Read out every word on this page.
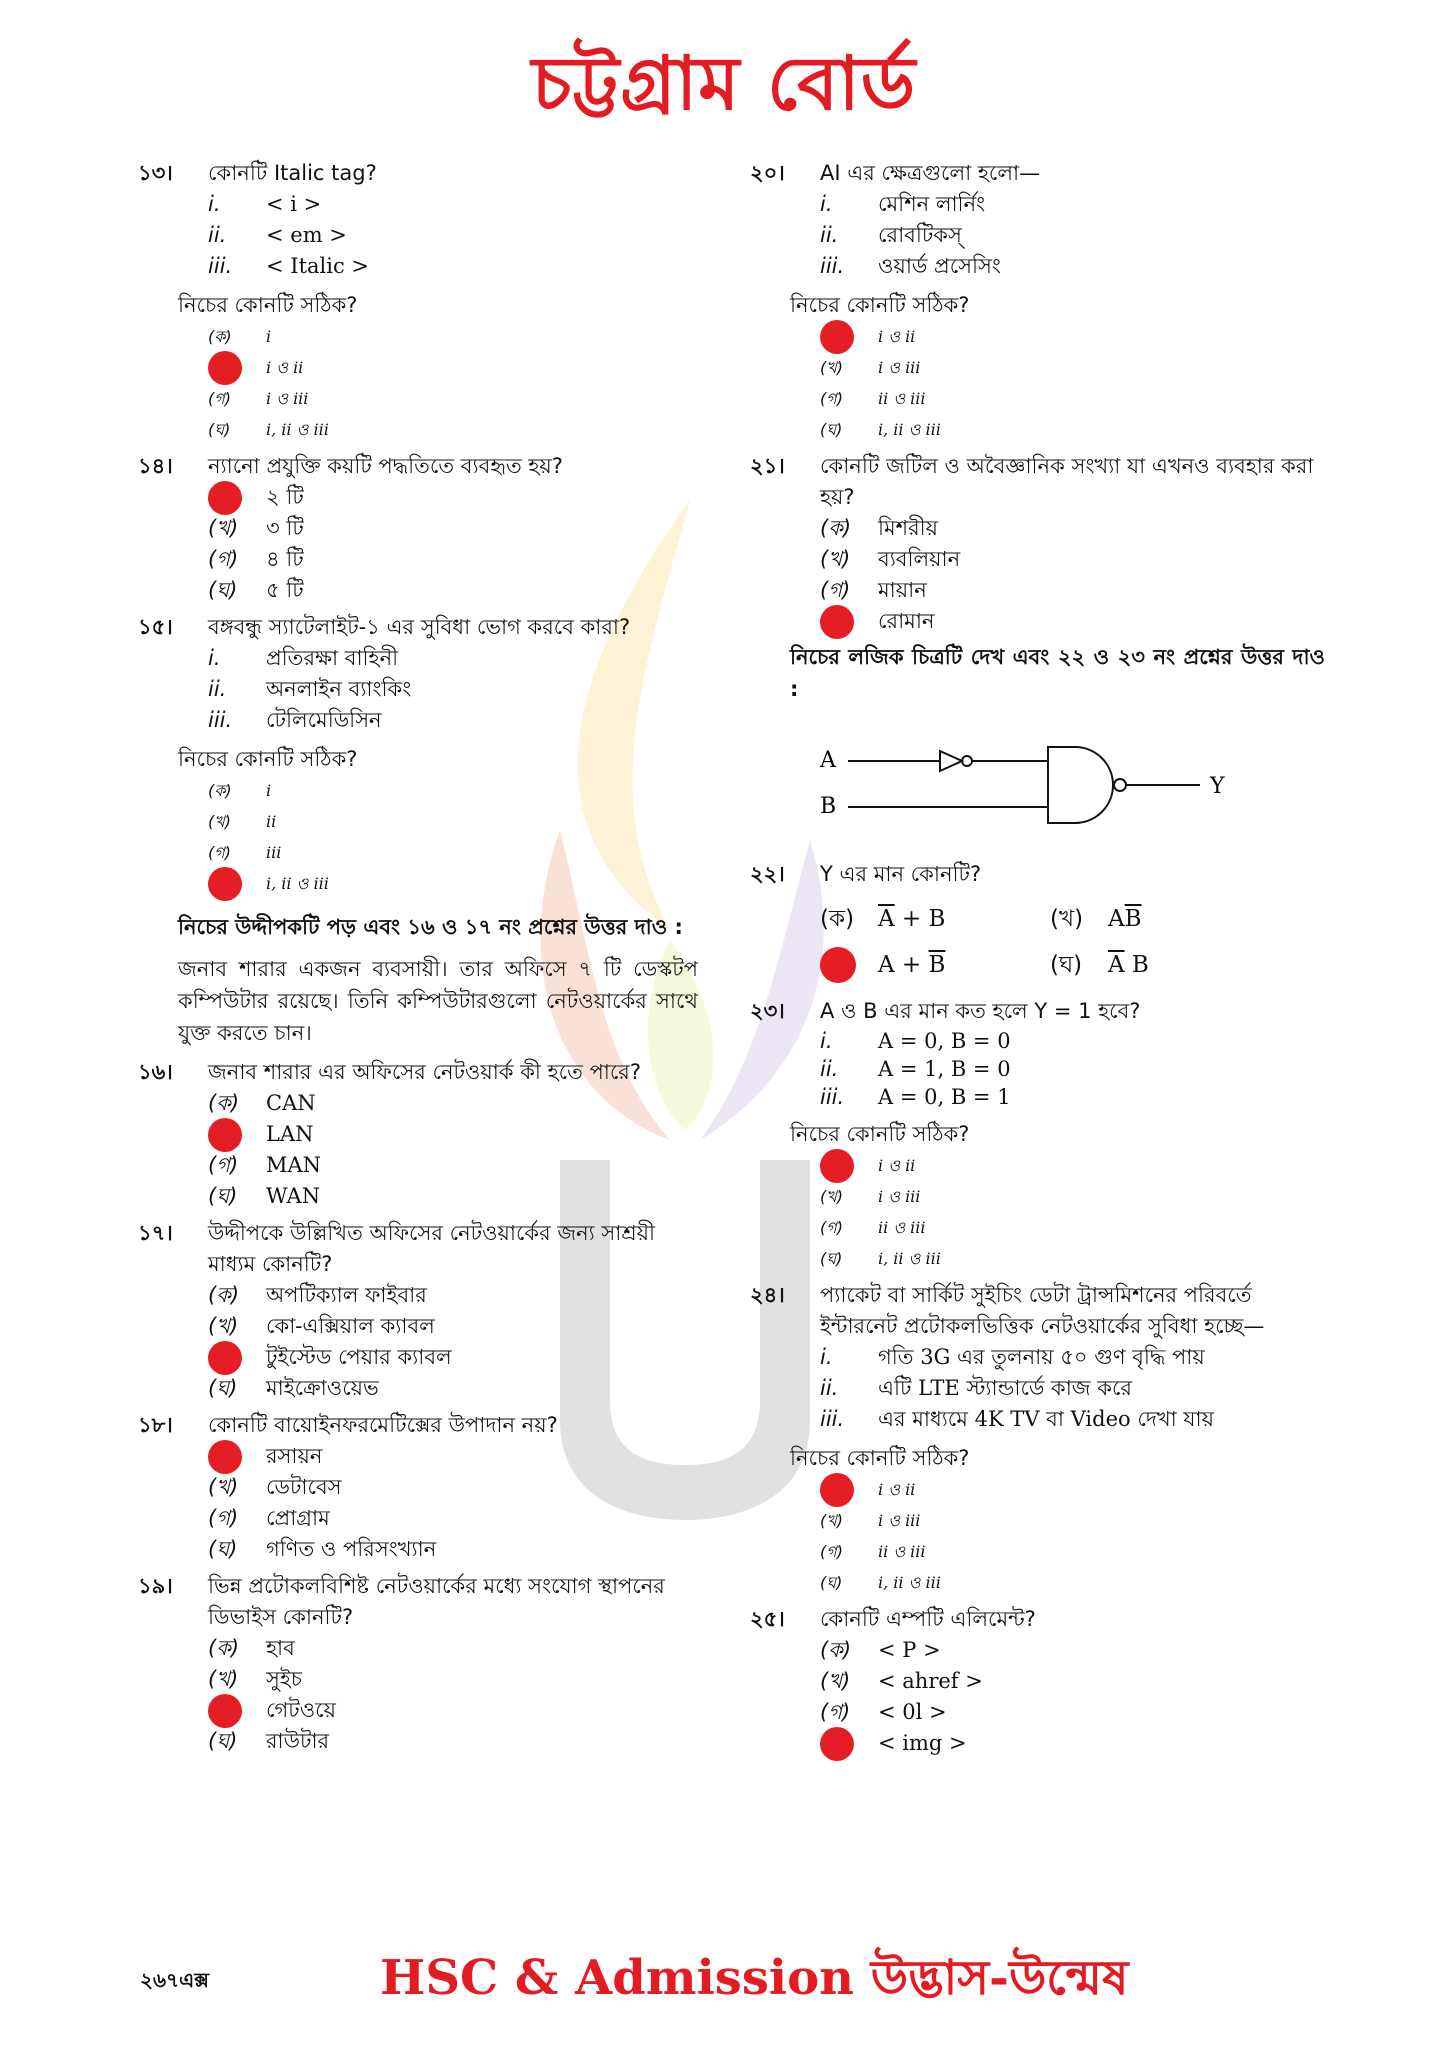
চট্টগ্রাম বোর্ড
১৩।	কোনটি Italic tag?
i.	< i >
ii.	< em >
iii.	< Italic >
নিচের কোনটি সঠিক?
(ক)	i
i ও ii
(গ)	i ও iii
(ঘ)	i, ii ও iii
১৪।	ন্যানো প্রযুক্তি কয়টি পদ্ধতিতে ব্যবহৃত হয়?
২ টি
(খ)	৩ টি
(গ)	৪ টি
(ঘ)	৫ টি
১৫।	বঙ্গবন্ধু স্যাটেলাইট-১ এর সুবিধা ভোগ করবে কারা?
i.	প্রতিরক্ষা বাহিনী
ii.	অনলাইন ব্যাংকিং
iii.	টেলিমেডিসিন
নিচের কোনটি সঠিক?
(ক)	i
(খ)	ii
(গ)	iii
i, ii ও iii
নিচের উদ্দীপকটি পড় এবং ১৬ ও ১৭ নং প্রশ্নের উত্তর দাও :
জনাব শারার একজন ব্যবসায়ী। তার অফিসে ৭ টি ডেস্কটপ কম্পিউটার রয়েছে। তিনি কম্পিউটারগুলো নেটওয়ার্কের সাথে যুক্ত করতে চান।
১৬।	জনাব শারার এর অফিসের নেটওয়ার্ক কী হতে পারে?
(ক)	CAN
LAN
(গ)	MAN
(ঘ)	WAN
১৭।	উদ্দীপকে উল্লিখিত অফিসের নেটওয়ার্কের জন্য সাশ্রয়ী মাধ্যম কোনটি?
(ক)	অপটিক্যাল ফাইবার
(খ)	কো-এক্সিয়াল ক্যাবল
টুইস্টেড পেয়ার ক্যাবল
(ঘ)	মাইক্রোওয়েভ
১৮।	কোনটি বায়োইনফরমেটিক্সের উপাদান নয়?
রসায়ন
(খ)	ডেটাবেস
(গ)	প্রোগ্রাম
(ঘ)	গণিত ও পরিসংখ্যান
১৯।	ভিন্ন প্রটোকলবিশিষ্ট নেটওয়ার্কের মধ্যে সংযোগ স্থাপনের ডিভাইস কোনটি?
(ক)	হাব
(খ)	সুইচ
গেটওয়ে
(ঘ)	রাউটার
২০।	AI এর ক্ষেত্রগুলো হলো—
i.	মেশিন লার্নিং
ii.	রোবটিকস্
iii.	ওয়ার্ড প্রসেসিং
নিচের কোনটি সঠিক?
i ও ii
(খ)	i ও iii
(গ)	ii ও iii
(ঘ)	i, ii ও iii
২১।	কোনটি জটিল ও অবৈজ্ঞানিক সংখ্যা যা এখনও ব্যবহার করা হয়?
(ক)	মিশরীয়
(খ)	ব্যবলিয়ান
(গ)	মায়ান
রোমান
নিচের লজিক চিত্রটি দেখ এবং ২২ ও ২৩ নং প্রশ্নের উত্তর দাও :
A
B
Y
২২।	Y এর মান কোনটি?
(ক)	$\overline{A} + B$	(খ)	$A\overline{B}$
$A + \overline{B}$	(ঘ)	$\overline{A}$ B
২৩।	A ও B এর মান কত হলে Y = 1 হবে?
i.	A = 0, B = 0
ii.	A = 1, B = 0
iii.	A = 0, B = 1
নিচের কোনটি সঠিক?
i ও ii
(খ)	i ও iii
(গ)	ii ও iii
(ঘ)	i, ii ও iii
২৪।	প্যাকেট বা সার্কিট সুইচিং ডেটা ট্রান্সমিশনের পরিবর্তে ইন্টারনেট প্রটোকলভিত্তিক নেটওয়ার্কের সুবিধা হচ্ছে—
i.	গতি 3G এর তুলনায় ৫০ গুণ বৃদ্ধি পায়
ii.	এটি LTE স্ট্যান্ডার্ডে কাজ করে
iii.	এর মাধ্যমে 4K TV বা Video দেখা যায়
নিচের কোনটি সঠিক?
i ও ii
(খ)	i ও iii
(গ)	ii ও iii
(ঘ)	i, ii ও iii
২৫।	কোনটি এম্পটি এলিমেন্ট?
(ক)	< P >
(খ)	< ahref >
(গ)	< 0l >
< img >
২৬৭এক্স	HSC & Admission উদ্ভাস-উন্মেষ
